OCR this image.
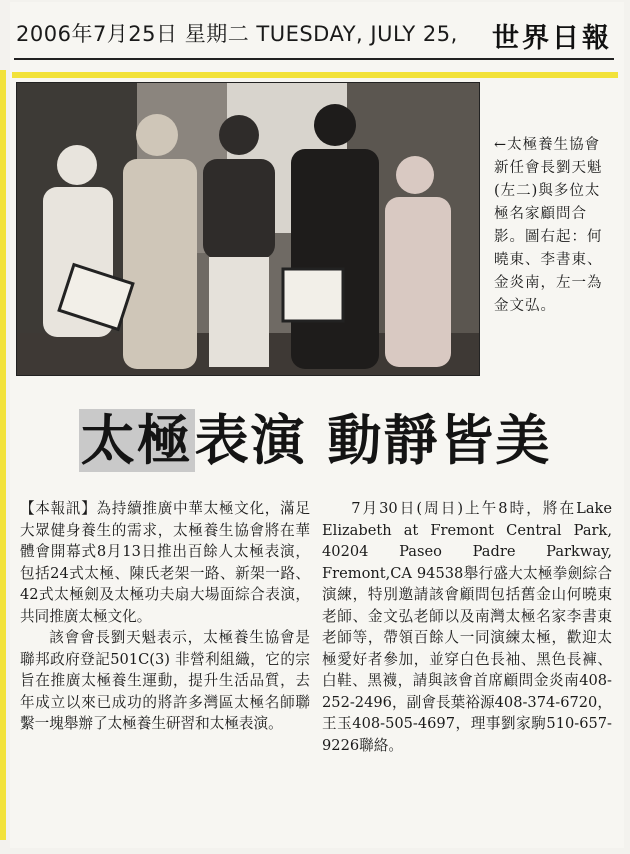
2006年7月25日 星期二 TUESDAY, JULY 25, 世界日報
←太極養生協會新任會長劉天魁(左二)與多位太極名家顧問合影。圖右起：何曉東、李書東、金炎南，左一為金文弘。
太極表演 動靜皆美

【本報訊】為持續推廣中華太極文化，滿足大眾健身養生的需求，太極養生協會將在華體會開幕式8月13日推出百餘人太極表演，包括24式太極、陳氏老架一路、新架一路、42式太極劍及太極功夫扇大場面綜合表演，共同推廣太極文化。

該會會長劉天魁表示，太極養生協會是聯邦政府登記501C(3) 非營利組織，它的宗旨在推廣太極養生運動，提升生活品質，去年成立以來已成功的將許多灣區太極名師聯繫一塊舉辦了太極養生研習和太極表演。

7月30日(周日)上午8時，將在Lake Elizabeth at Fremont Central Park, 40204 Paseo Padre Parkway, Fremont,CA 94538舉行盛大太極拳劍綜合演練，特別邀請該會顧問包括舊金山何曉東老師、金文弘老師以及南灣太極名家李書東老師等，帶領百餘人一同演練太極，歡迎太極愛好者參加，並穿白色長袖、黑色長褲、白鞋、黑襪，請與該會首席顧問金炎南408-252-2496，副會長葉裕源408-374-6720，王玉408-505-4697，理事劉家駒510-657-9226聯絡。
